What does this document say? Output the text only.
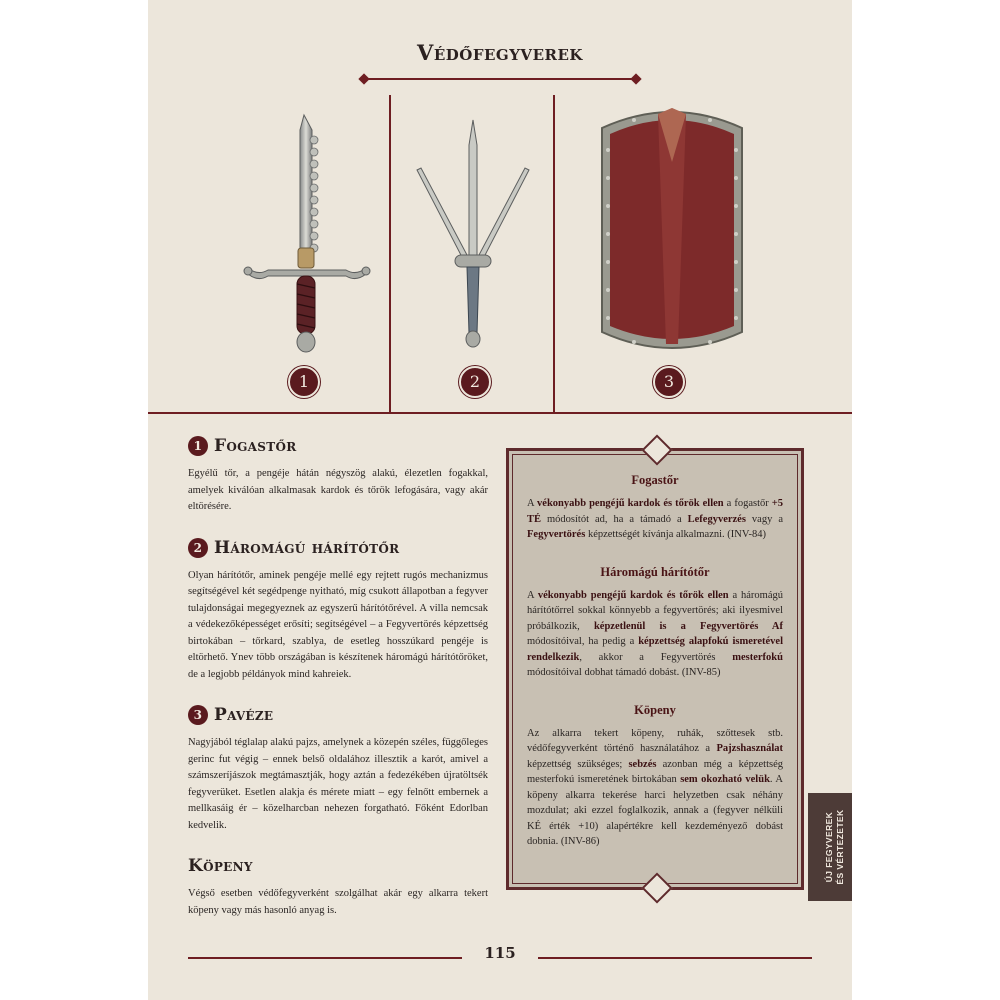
Védőfegyverek
1	2	3
1 Fogastőr

Egyélű tőr, a pengéje hátán négyszög alakú, élezetlen fogakkal, amelyek kiválóan alkalmasak kardok és tőrök lefogására, vagy akár eltörésére.

2 Háromágú hárítótőr

Olyan hárítótőr, aminek pengéje mellé egy rejtett rugós mechanizmus segítségével két segédpenge nyitható, míg csukott állapotban a fegyver tulajdonságai megegyeznek az egyszerű hárítótőrével. A villa nemcsak a védekezőképességet erősíti; segítségével – a Fegyvertörés képzettség birtokában – tőrkard, szablya, de esetleg hosszúkard pengéje is eltörhető. Ynev több országában is készítenek háromágú hárítótőröket, de a legjobb példányok mind kahreiek.

3 Pavéze

Nagyjából téglalap alakú pajzs, amelynek a közepén széles, függőleges gerinc fut végig – ennek belső oldalához illesztik a karót, amivel a számszeríjászok megtámasztják, hogy aztán a fedezékében újratöltsék fegyverüket. Esetlen alakja és mérete miatt – egy felnőtt embernek a mellkasáig ér – közelharcban nehezen forgatható. Főként Edorlban kedvelik.

Köpeny

Végső esetben védőfegyverként szolgálhat akár egy alkarra tekert köpeny vagy más hasonló anyag is.

Fogastőr

A vékonyabb pengéjű kardok és tőrök ellen a fogastőr +5 TÉ módosítót ad, ha a támadó a Lefegyverzés vagy a Fegyvertörés képzettségét kívánja alkalmazni. (INV-84)

Háromágú hárítótőr

A vékonyabb pengéjű kardok és tőrök ellen a háromágú hárítótőrrel sokkal könnyebb a fegyvertörés; aki ilyesmivel próbálkozik, képzetlenül is a Fegyvertörés Af módosítóival, ha pedig a képzettség alapfokú ismeretével rendelkezik, akkor a Fegyvertörés mesterfokú módosítóival dobhat támadó dobást. (INV-85)

Köpeny

Az alkarra tekert köpeny, ruhák, szőttesek stb. védőfegyverként történő használatához a Pajzshasználat képzettség szükséges; sebzés azonban még a képzettség mesterfokú ismeretének birtokában sem okozható velük. A köpeny alkarra tekerése harci helyzetben csak néhány mozdulat; aki ezzel foglalkozik, annak a (fegyver nélküli KÉ érték +10) alapértékre kell kezdeményező dobást dobnia. (INV-86)	ÚJ FEGYVEREK ÉS VÉRTEZETEK
115
